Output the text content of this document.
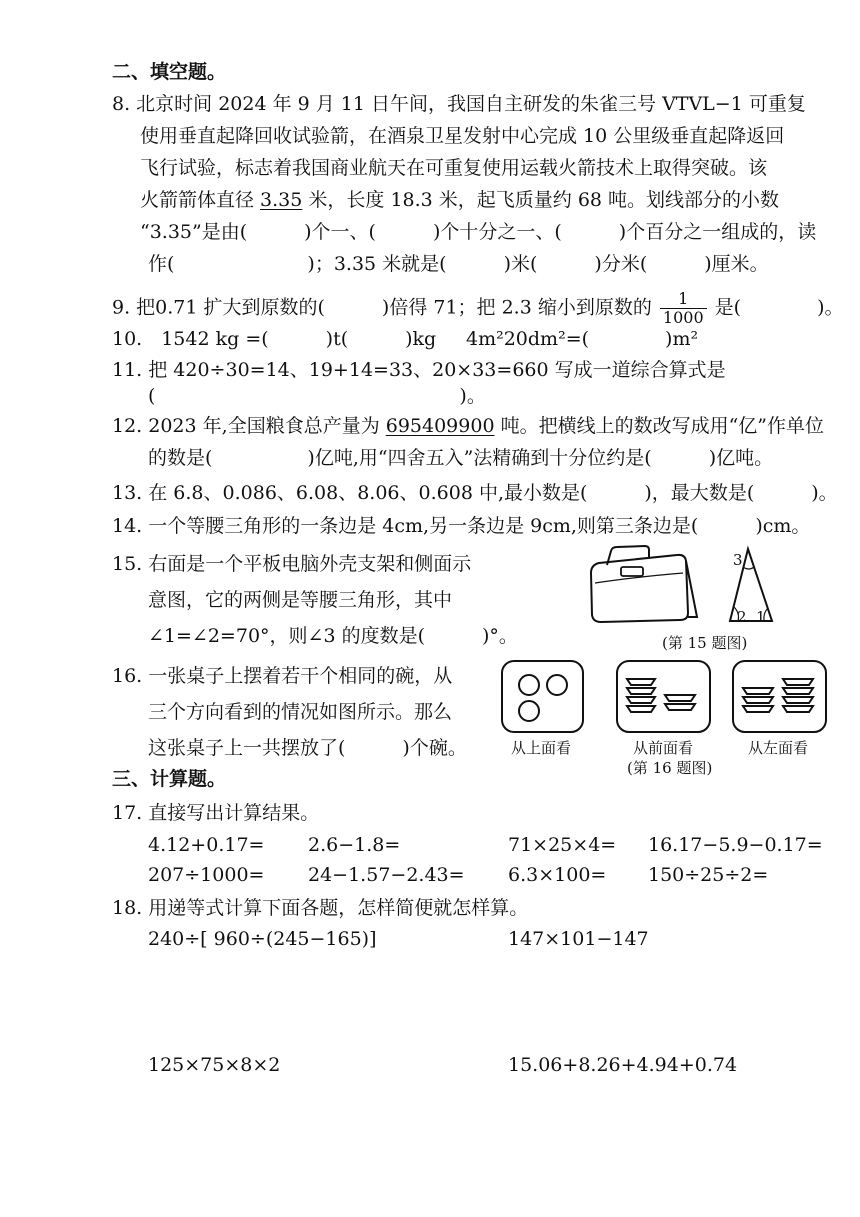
二、填空题。
8. 北京时间 2024 年 9 月 11 日午间，我国自主研发的朱雀三号 VTVL−1 可重复
使用垂直起降回收试验箭，在酒泉卫星发射中心完成 10 公里级垂直起降返回
飞行试验，标志着我国商业航天在可重复使用运载火箭技术上取得突破。该
火箭箭体直径 3.35 米，长度 18.3 米，起飞质量约 68 吨。划线部分的小数
“3.35”是由(　　　)个一、(　　　)个十分之一、(　　　)个百分之一组成的，读
作(　　　　　　　)；3.35 米就是(　　　)米(　　　)分米(　　　)厘米。
9. 把0.71 扩大到原数的(　　　)倍得 71；把 2.3 缩小到原数的 $\frac{1}{1000}$ 是(　　　　)。
10.　1542 kg =(　　　)t(　　　)kg 4m²20dm²=(　　　　)m²
11. 把 420÷30=14、19+14=33、20×33=660 写成一道综合算式是
(　　　　　　　　　　　　　　　　)。
12. 2023 年,全国粮食总产量为 695409900 吨。把横线上的数改写成用“亿”作单位
的数是(　　　　　)亿吨,用“四舍五入”法精确到十分位约是(　　　)亿吨。
13. 在 6.8、0.086、6.08、8.06、0.608 中,最小数是(　　　)，最大数是(　　　)。
14. 一个等腰三角形的一条边是 4cm,另一条边是 9cm,则第三条边是(　　　)cm。
15. 右面是一个平板电脑外壳支架和侧面示
意图，它的两侧是等腰三角形，其中
∠1=∠2=70°，则∠3 的度数是(　　　)°。
3
2 1
(第 15 题图)
16. 一张桌子上摆着若干个相同的碗，从
三个方向看到的情况如图所示。那么
这张桌子上一共摆放了(　　　)个碗。	从上面看	从前面看	从左面看
(第 16 题图)
三、计算题。
17. 直接写出计算结果。
4.12+0.17= 2.6−1.8=	71×25×4= 16.17−5.9−0.17=
207÷1000= 24−1.57−2.43= 6.3×100= 150÷25÷2=
18. 用递等式计算下面各题，怎样简便就怎样算。
240÷[ 960÷(245−165)]	147×101−147
125×75×8×2	15.06+8.26+4.94+0.74
